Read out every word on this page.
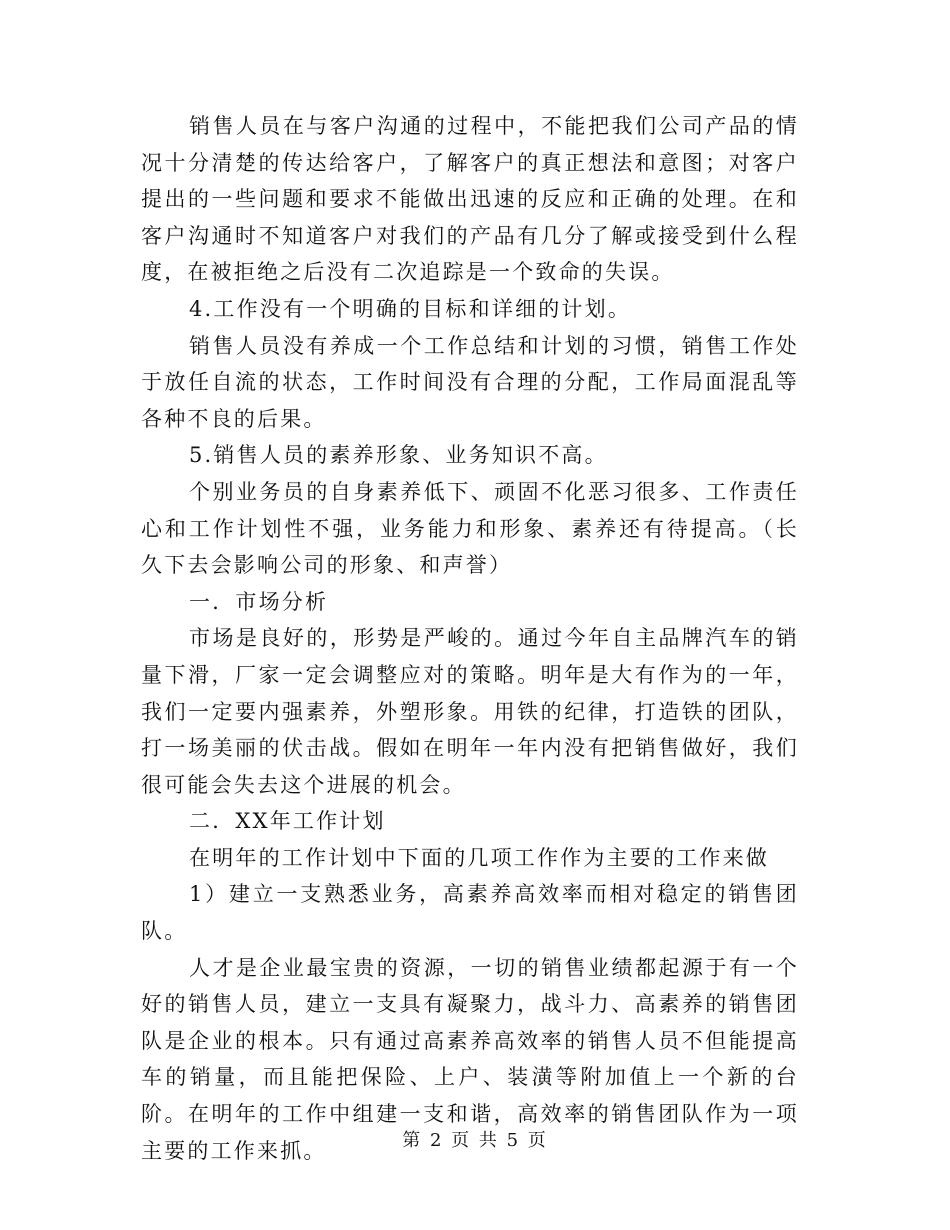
销售人员在与客户沟通的过程中，不能把我们公司产品的情况十分清楚的传达给客户，了解客户的真正想法和意图；对客户提出的一些问题和要求不能做出迅速的反应和正确的处理。在和客户沟通时不知道客户对我们的产品有几分了解或接受到什么程度，在被拒绝之后没有二次追踪是一个致命的失误。

4.工作没有一个明确的目标和详细的计划。

销售人员没有养成一个工作总结和计划的习惯，销售工作处于放任自流的状态，工作时间没有合理的分配，工作局面混乱等各种不良的后果。

5.销售人员的素养形象、业务知识不高。

个别业务员的自身素养低下、顽固不化恶习很多、工作责任心和工作计划性不强，业务能力和形象、素养还有待提高。（长久下去会影响公司的形象、和声誉）

一．市场分析

市场是良好的，形势是严峻的。通过今年自主品牌汽车的销量下滑，厂家一定会调整应对的策略。明年是大有作为的一年，我们一定要内强素养，外塑形象。用铁的纪律，打造铁的团队，打一场美丽的伏击战。假如在明年一年内没有把销售做好，我们很可能会失去这个进展的机会。

二．XX年工作计划

在明年的工作计划中下面的几项工作作为主要的工作来做

1）建立一支熟悉业务，高素养高效率而相对稳定的销售团队。

人才是企业最宝贵的资源，一切的销售业绩都起源于有一个好的销售人员，建立一支具有凝聚力，战斗力、高素养的销售团队是企业的根本。只有通过高素养高效率的销售人员不但能提高车的销量，而且能把保险、上户、装潢等附加值上一个新的台阶。在明年的工作中组建一支和谐，高效率的销售团队作为一项主要的工作来抓。	第 2 页 共 5 页
